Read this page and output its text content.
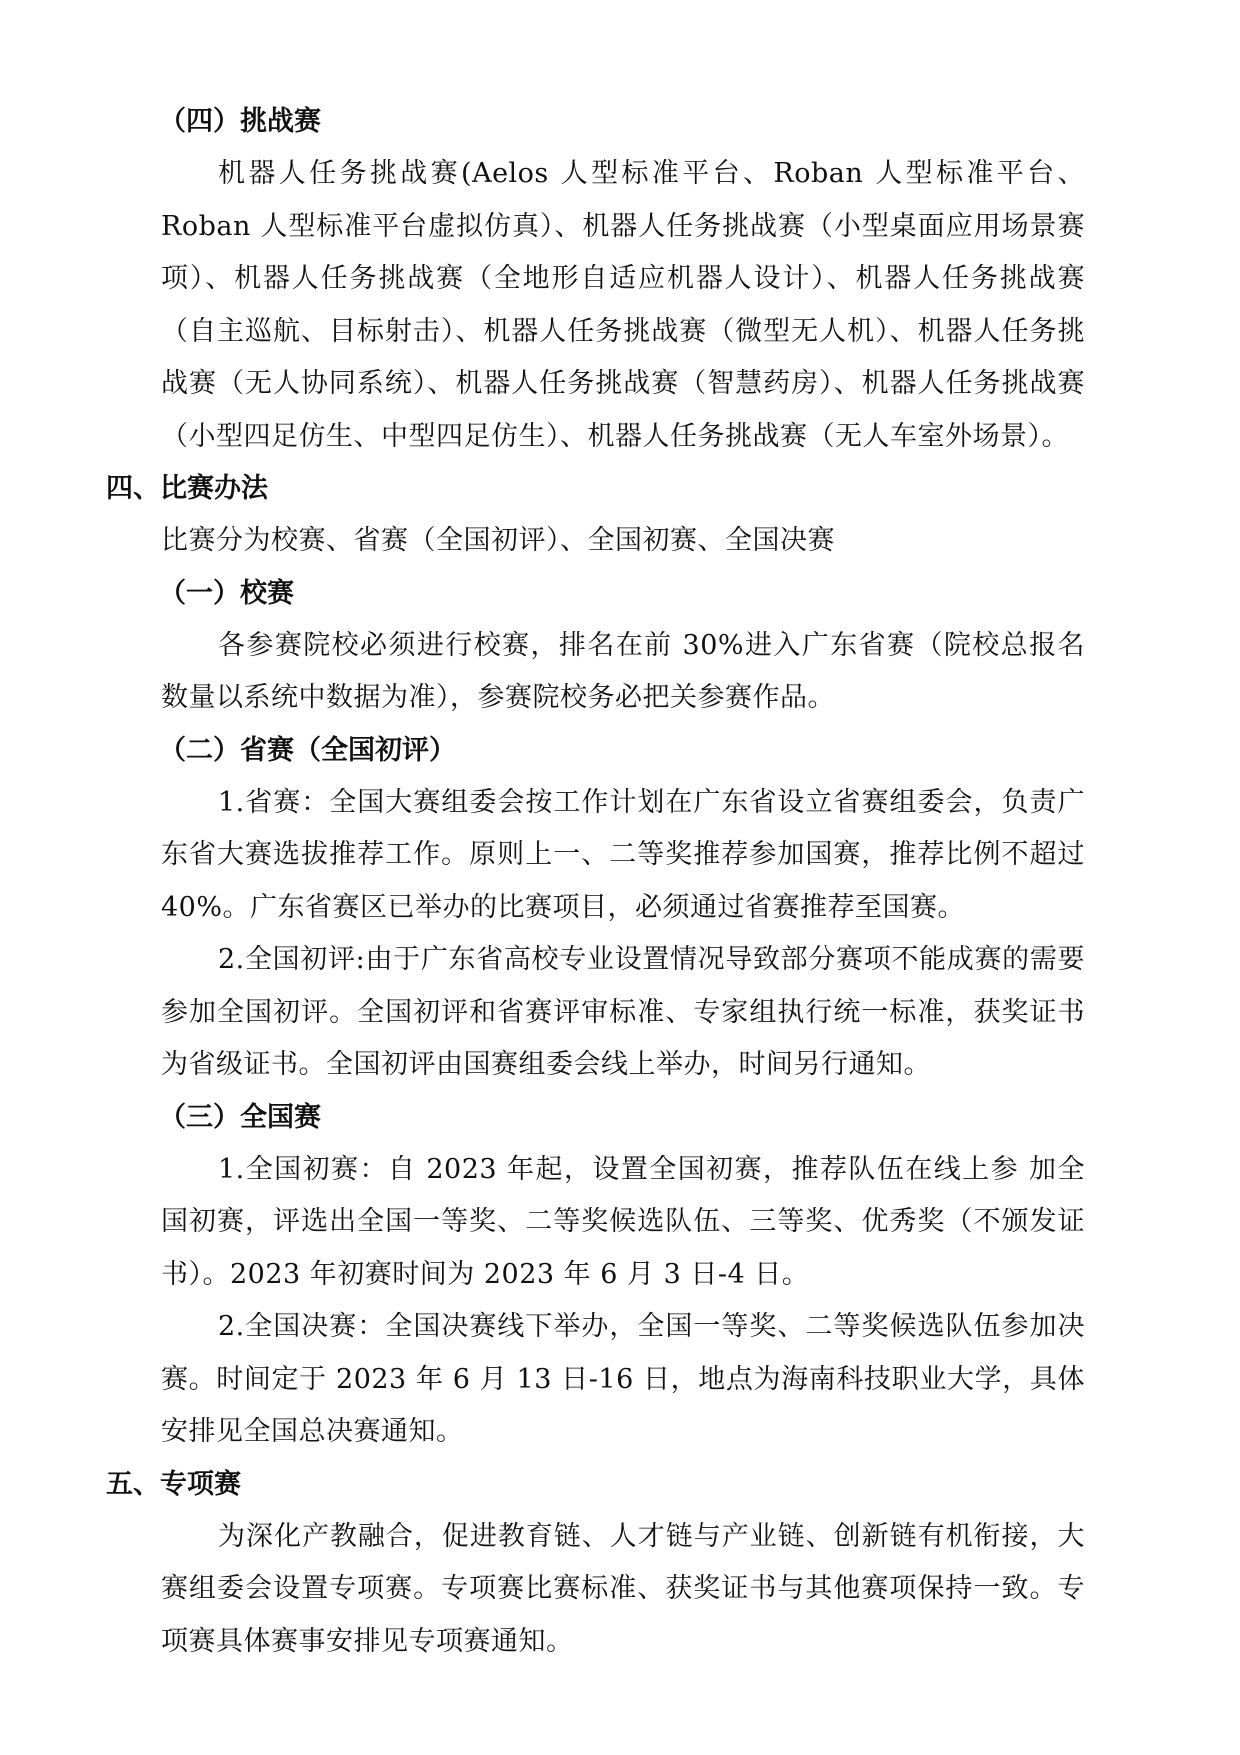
（四）挑战赛

机器人任务挑战赛(Aelos 人型标准平台、Roban 人型标准平台、Roban 人型标准平台虚拟仿真）、机器人任务挑战赛（小型桌面应用场景赛项）、机器人任务挑战赛（全地形自适应机器人设计）、机器人任务挑战赛（自主巡航、目标射击）、机器人任务挑战赛（微型无人机）、机器人任务挑战赛（无人协同系统）、机器人任务挑战赛（智慧药房）、机器人任务挑战赛（小型四足仿生、中型四足仿生）、机器人任务挑战赛（无人车室外场景）。

四、比赛办法

比赛分为校赛、省赛（全国初评）、全国初赛、全国决赛

（一）校赛

各参赛院校必须进行校赛，排名在前 30%进入广东省赛（院校总报名数量以系统中数据为准），参赛院校务必把关参赛作品。

（二）省赛（全国初评）

1.省赛：全国大赛组委会按工作计划在广东省设立省赛组委会，负责广东省大赛选拔推荐工作。原则上一、二等奖推荐参加国赛，推荐比例不超过 40%。广东省赛区已举办的比赛项目，必须通过省赛推荐至国赛。

2.全国初评:由于广东省高校专业设置情况导致部分赛项不能成赛的需要参加全国初评。全国初评和省赛评审标准、专家组执行统一标准，获奖证书为省级证书。全国初评由国赛组委会线上举办，时间另行通知。

（三）全国赛

1.全国初赛：自 2023 年起，设置全国初赛，推荐队伍在线上参 加全国初赛，评选出全国一等奖、二等奖候选队伍、三等奖、优秀奖（不颁发证书）。2023 年初赛时间为 2023 年 6 月 3 日-4 日。

2.全国决赛：全国决赛线下举办，全国一等奖、二等奖候选队伍参加决赛。时间定于 2023 年 6 月 13 日-16 日，地点为海南科技职业大学，具体安排见全国总决赛通知。

五、专项赛

为深化产教融合，促进教育链、人才链与产业链、创新链有机衔接，大赛组委会设置专项赛。专项赛比赛标准、获奖证书与其他赛项保持一致。专项赛具体赛事安排见专项赛通知。
